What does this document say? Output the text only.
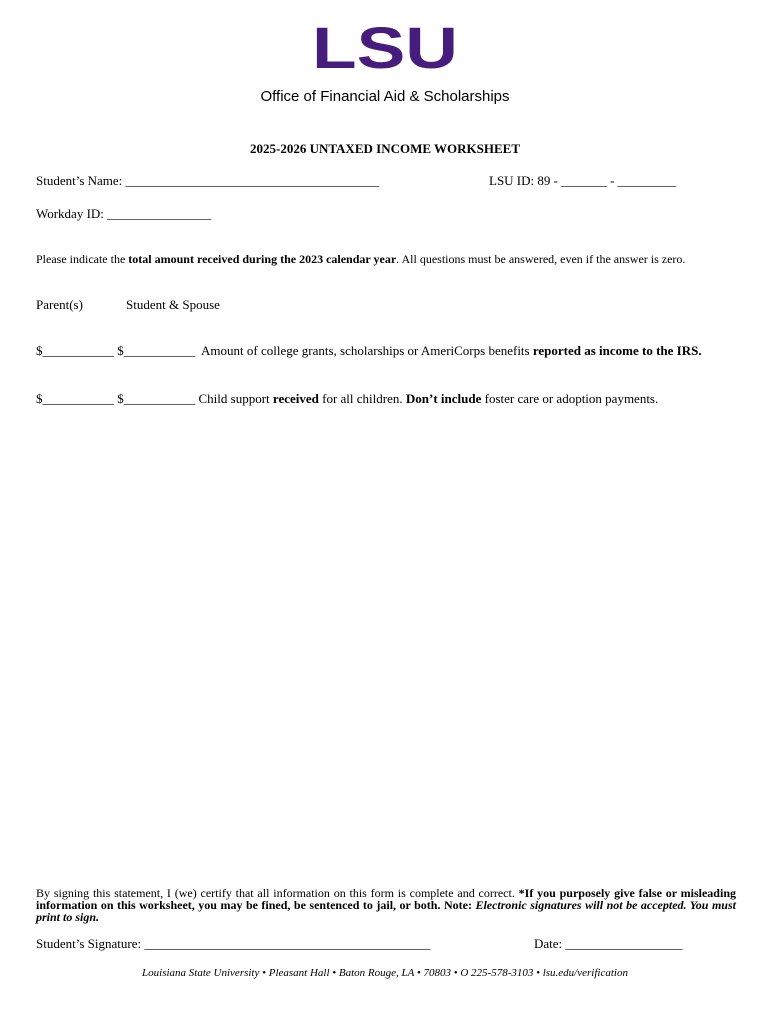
LSU
Office of Financial Aid & Scholarships
2025-2026 UNTAXED INCOME WORKSHEET
Student’s Name: _______________________________________	LSU ID: 89 - _______ - _________
Workday ID: ________________
Please indicate the total amount received during the 2023 calendar year. All questions must be answered, even if the answer is zero.
Parent(s)	Student & Spouse
$___________ $___________ Amount of college grants, scholarships or AmeriCorps benefits reported as income to the IRS.
$___________ $___________ Child support received for all children. Don’t include foster care or adoption payments.
By signing this statement, I (we) certify that all information on this form is complete and correct. *If you purposely give false or misleading information on this worksheet, you may be fined, be sentenced to jail, or both. Note: Electronic signatures will not be accepted. You must print to sign.
Student’s Signature: ____________________________________________	Date: __________________
Louisiana State University • Pleasant Hall • Baton Rouge, LA • 70803 • O 225-578-3103 • lsu.edu/verification
